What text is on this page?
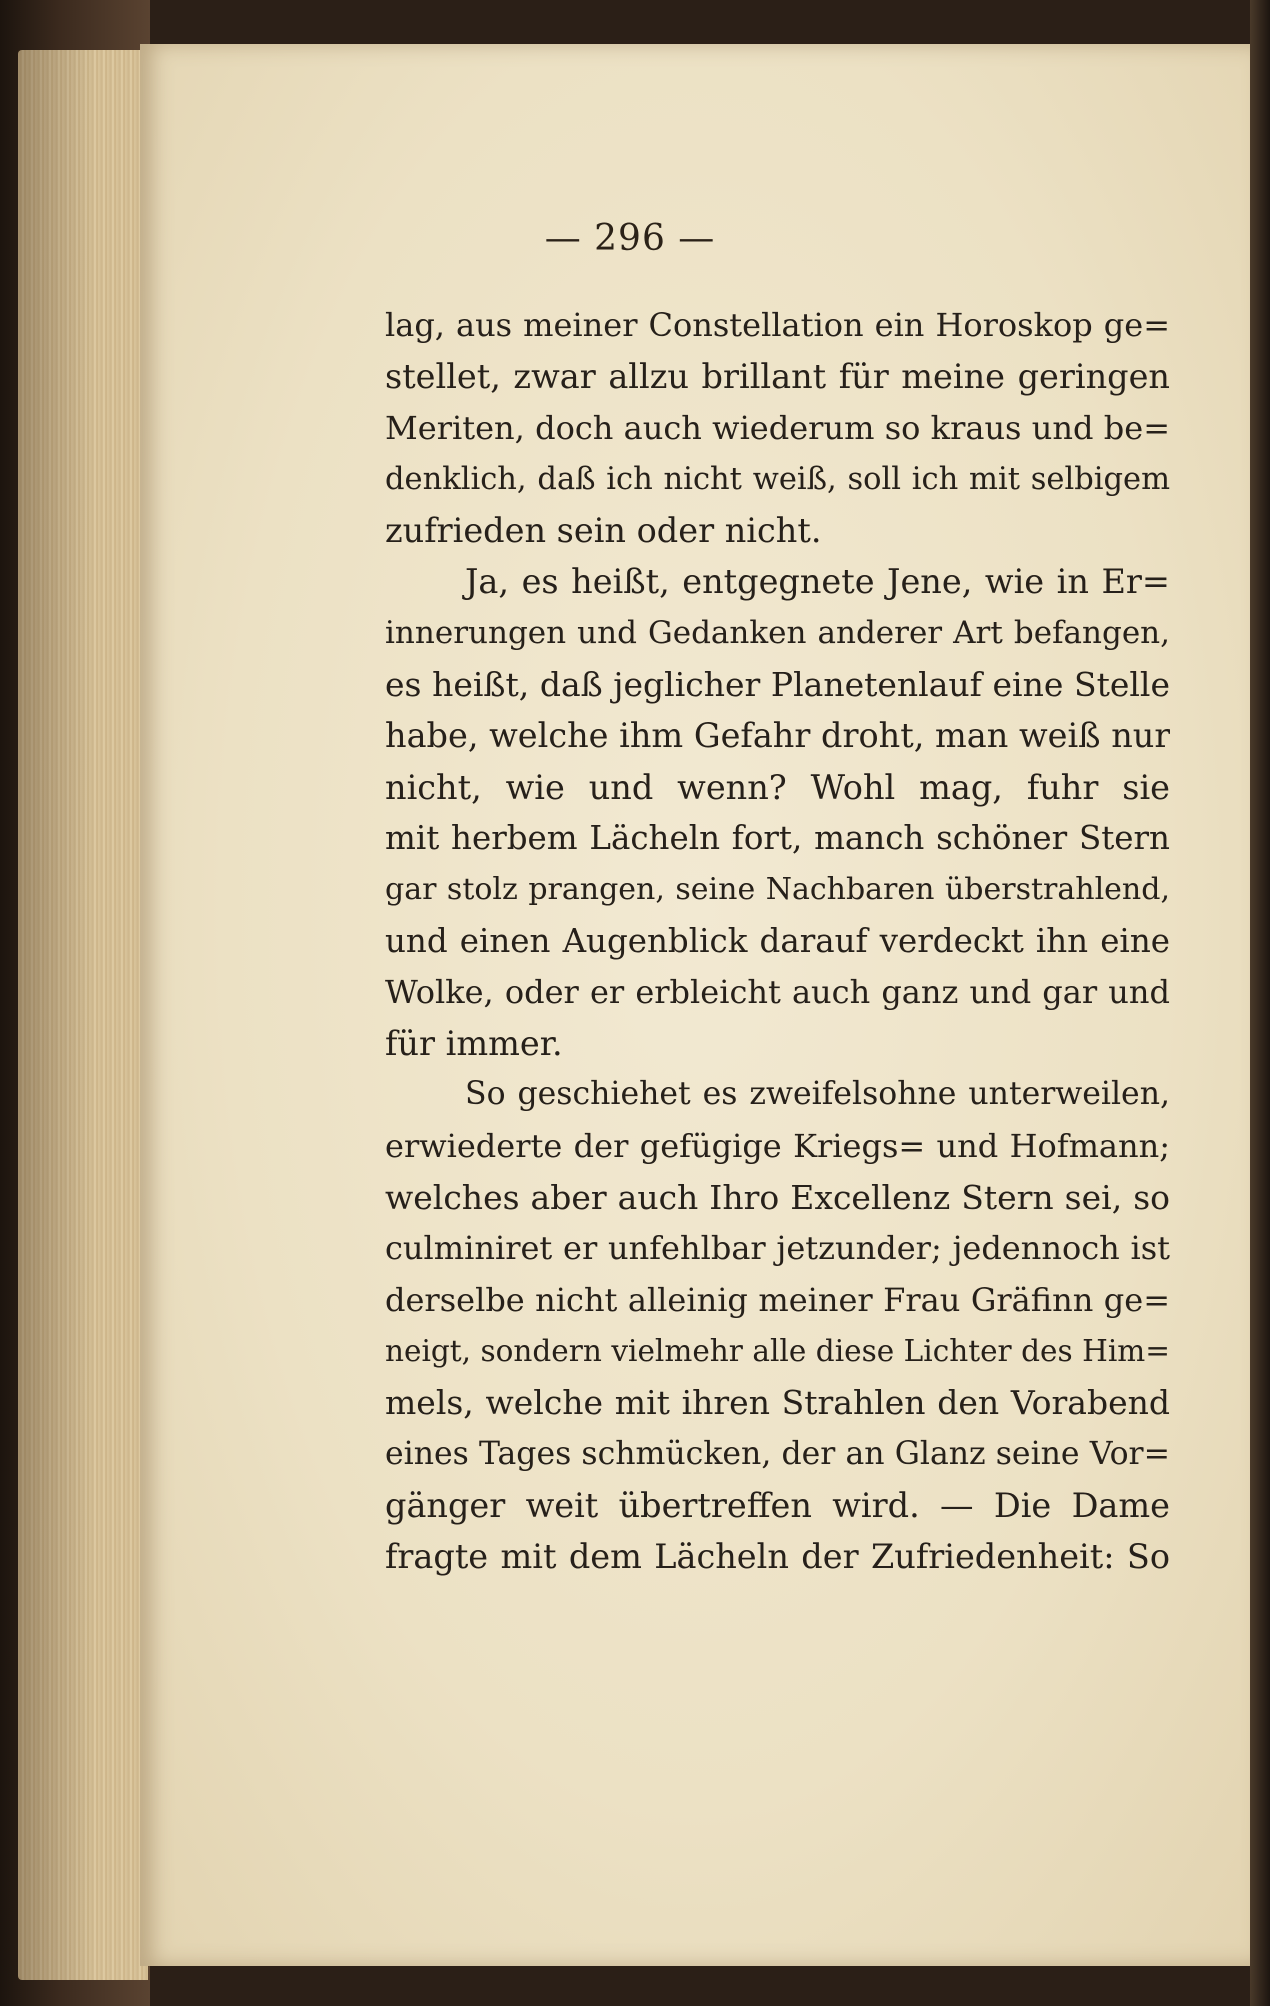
— 296 —
lag, aus meiner Constellation ein Horoskop ge=
stellet, zwar allzu brillant für meine geringen
Meriten, doch auch wiederum so kraus und be=
denklich, daß ich nicht weiß, soll ich mit selbigem
zufrieden sein oder nicht.
Ja, es heißt, entgegnete Jene, wie in Er=
innerungen und Gedanken anderer Art befangen,
es heißt, daß jeglicher Planetenlauf eine Stelle
habe, welche ihm Gefahr droht, man weiß nur
nicht, wie und wenn? Wohl mag, fuhr sie
mit herbem Lächeln fort, manch schöner Stern
gar stolz prangen, seine Nachbaren überstrahlend,
und einen Augenblick darauf verdeckt ihn eine
Wolke, oder er erbleicht auch ganz und gar und
für immer.
So geschiehet es zweifelsohne unterweilen,
erwiederte der gefügige Kriegs= und Hofmann;
welches aber auch Ihro Excellenz Stern sei, so
culminiret er unfehlbar jetzunder; jedennoch ist
derselbe nicht alleinig meiner Frau Gräfinn ge=
neigt, sondern vielmehr alle diese Lichter des Him=
mels, welche mit ihren Strahlen den Vorabend
eines Tages schmücken, der an Glanz seine Vor=
gänger weit übertreffen wird. — Die Dame
fragte mit dem Lächeln der Zufriedenheit: So
